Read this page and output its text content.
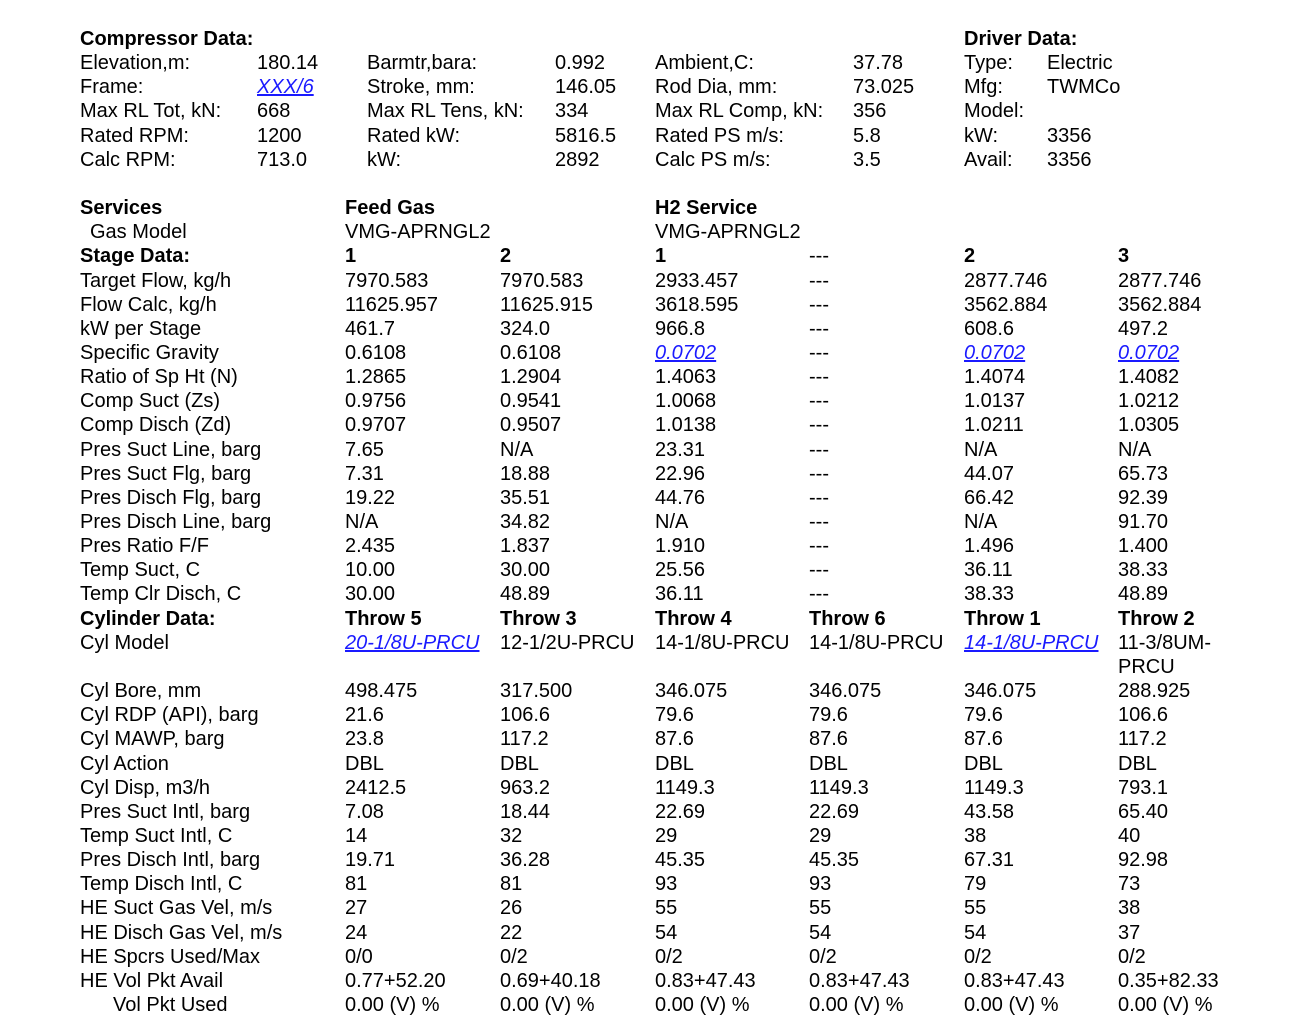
Compressor Data:
Elevation,m:	180.14 Barmtr,bara:	0.992 Ambient,C:	37.78
Frame:	XXX/6	Stroke, mm:	146.05 Rod Dia, mm:	73.025
Max RL Tot, kN: 668	Max RL Tens, kN: 334	Max RL Comp, kN: 356
Rated RPM:	1200	Rated kW:	5816.5 Rated PS m/s:	5.8
Calc RPM:	713.0	kW:	2892	Calc PS m/s:	3.5
Driver Data:
Type: Electric
Mfg: TWMCo
Model:
kW: 3356
Avail: 3356
Services	Feed Gas	H2 Service
Gas Model	VMG-APRNGL2	VMG-APRNGL2
Stage Data:	1	2	1	---	2	3
Target Flow, kg/h	7970.583	7970.583	2933.457	---	2877.746	2877.746
Flow Calc, kg/h	11625.957	11625.915	3618.595	---	3562.884	3562.884
kW per Stage	461.7	324.0	966.8	---	608.6	497.2
Specific Gravity	0.6108	0.6108	0.0702	---	0.0702	0.0702
Ratio of Sp Ht (N)	1.2865	1.2904	1.4063	---	1.4074	1.4082
Comp Suct (Zs)	0.9756	0.9541	1.0068	---	1.0137	1.0212
Comp Disch (Zd)	0.9707	0.9507	1.0138	---	1.0211	1.0305
Pres Suct Line, barg	7.65	N/A	23.31	---	N/A	N/A
Pres Suct Flg, barg	7.31	18.88	22.96	---	44.07	65.73
Pres Disch Flg, barg	19.22	35.51	44.76	---	66.42	92.39
Pres Disch Line, barg	N/A	34.82	N/A	---	N/A	91.70
Pres Ratio F/F	2.435	1.837	1.910	---	1.496	1.400
Temp Suct, C	10.00	30.00	25.56	---	36.11	38.33
Temp Clr Disch, C	30.00	48.89	36.11	---	38.33	48.89
Cylinder Data:	Throw 5	Throw 3	Throw 4	Throw 6	Throw 1	Throw 2
Cyl Model	20-1/8U-PRCU 12-1/2U-PRCU 14-1/8U-PRCU 14-1/8U-PRCU 14-1/8U-PRCU 11-3/8UM-
PRCU
Cyl Bore, mm	498.475	317.500	346.075	346.075	346.075	288.925
Cyl RDP (API), barg	21.6	106.6	79.6	79.6	79.6	106.6
Cyl MAWP, barg	23.8	117.2	87.6	87.6	87.6	117.2
Cyl Action	DBL	DBL	DBL	DBL	DBL	DBL
Cyl Disp, m3/h	2412.5	963.2	1149.3	1149.3	1149.3	793.1
Pres Suct Intl, barg	7.08	18.44	22.69	22.69	43.58	65.40
Temp Suct Intl, C	14	32	29	29	38	40
Pres Disch Intl, barg	19.71	36.28	45.35	45.35	67.31	92.98
Temp Disch Intl, C	81	81	93	93	79	73
HE Suct Gas Vel, m/s	27	26	55	55	55	38
HE Disch Gas Vel, m/s	24	22	54	54	54	37
HE Spcrs Used/Max	0/0	0/2	0/2	0/2	0/2	0/2
HE Vol Pkt Avail	0.77+52.20	0.69+40.18	0.83+47.43	0.83+47.43	0.83+47.43	0.35+82.33
Vol Pkt Used	0.00 (V) %	0.00 (V) %	0.00 (V) %	0.00 (V) %	0.00 (V) %	0.00 (V) %
